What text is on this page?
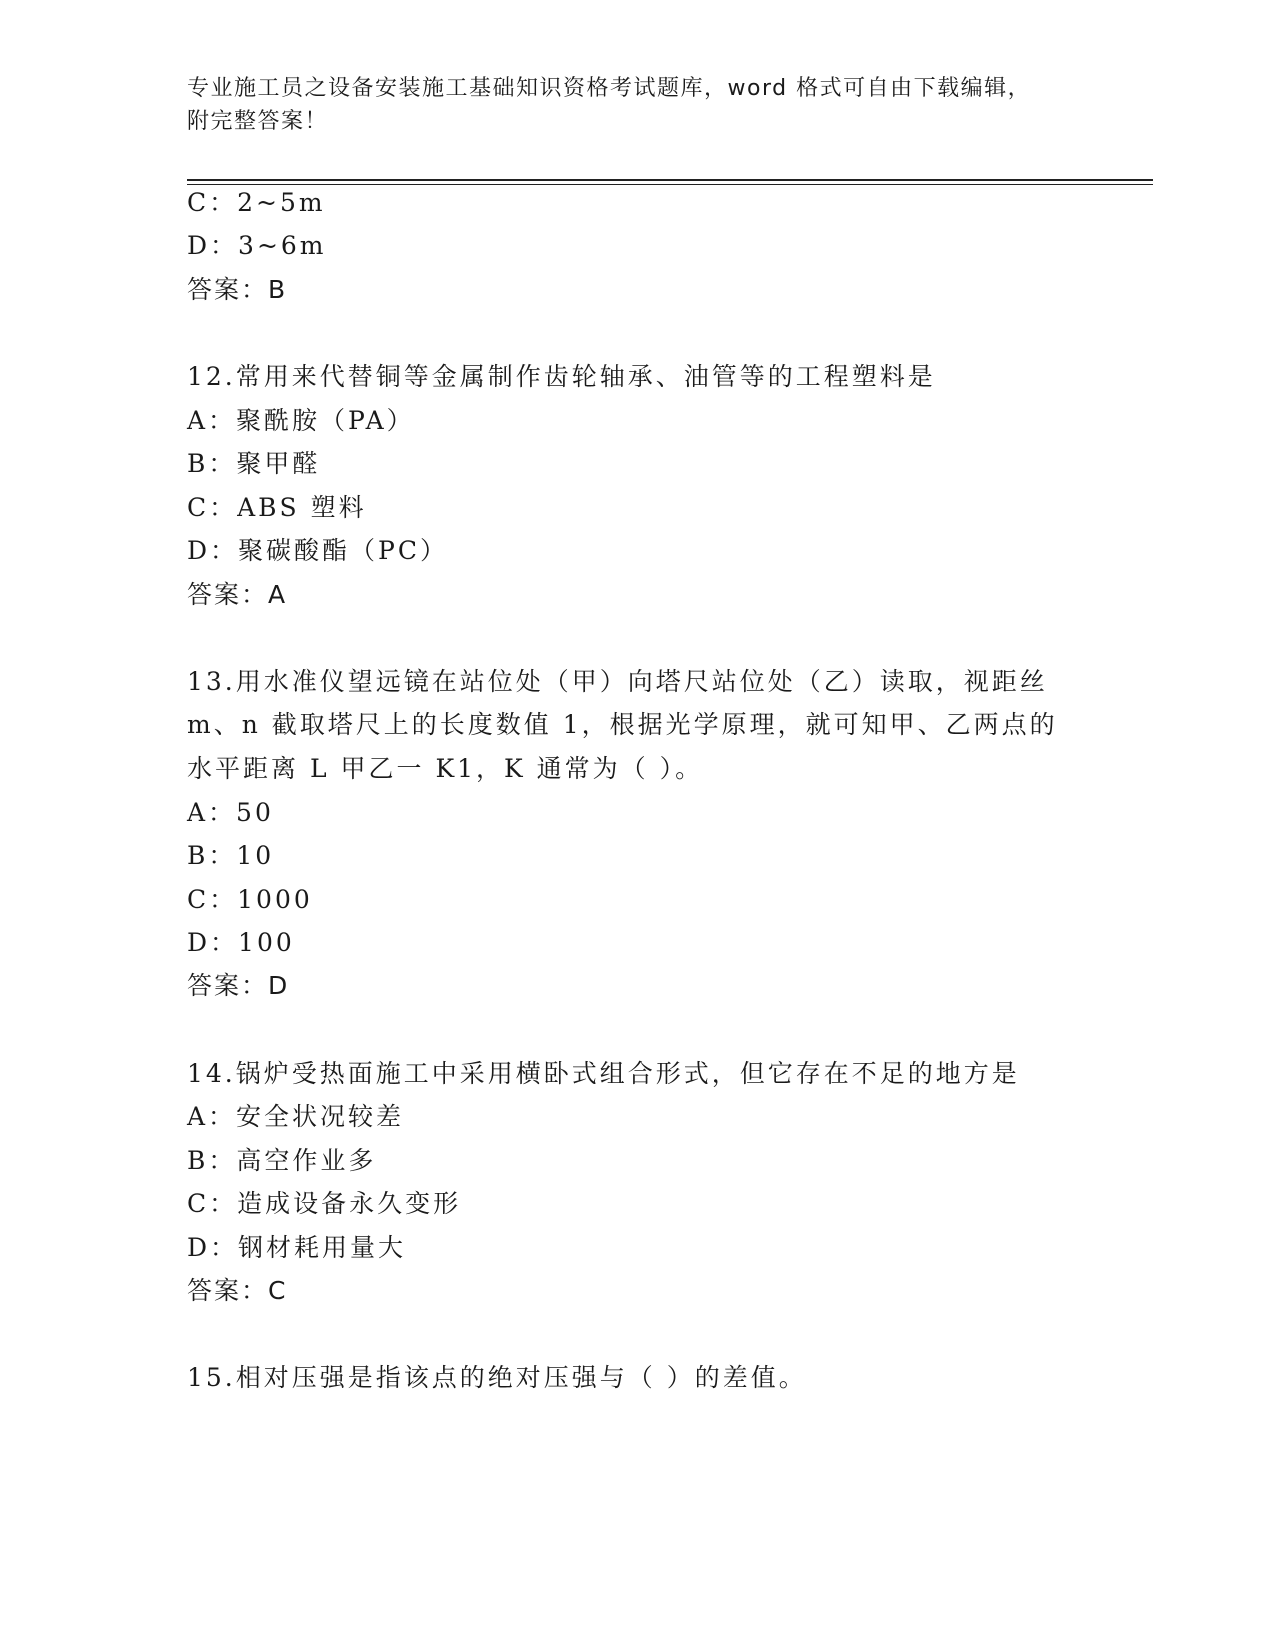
专业施工员之设备安装施工基础知识资格考试题库，word 格式可自由下载编辑，
附完整答案！
C：2~5m
D：3~6m
答案：B
12.常用来代替铜等金属制作齿轮轴承、油管等的工程塑料是
A：聚酰胺（PA）
B：聚甲醛
C：ABS 塑料
D：聚碳酸酯（PC）
答案：A
13.用水准仪望远镜在站位处（甲）向塔尺站位处（乙）读取，视距丝
m、n 截取塔尺上的长度数值 1，根据光学原理，就可知甲、乙两点的
水平距离 L 甲乙一 K1，K 通常为（ ）。
A：50
B：10
C：1000
D：100
答案：D
14.锅炉受热面施工中采用横卧式组合形式，但它存在不足的地方是
A：安全状况较差
B：高空作业多
C：造成设备永久变形
D：钢材耗用量大
答案：C
15.相对压强是指该点的绝对压强与（ ）的差值。
